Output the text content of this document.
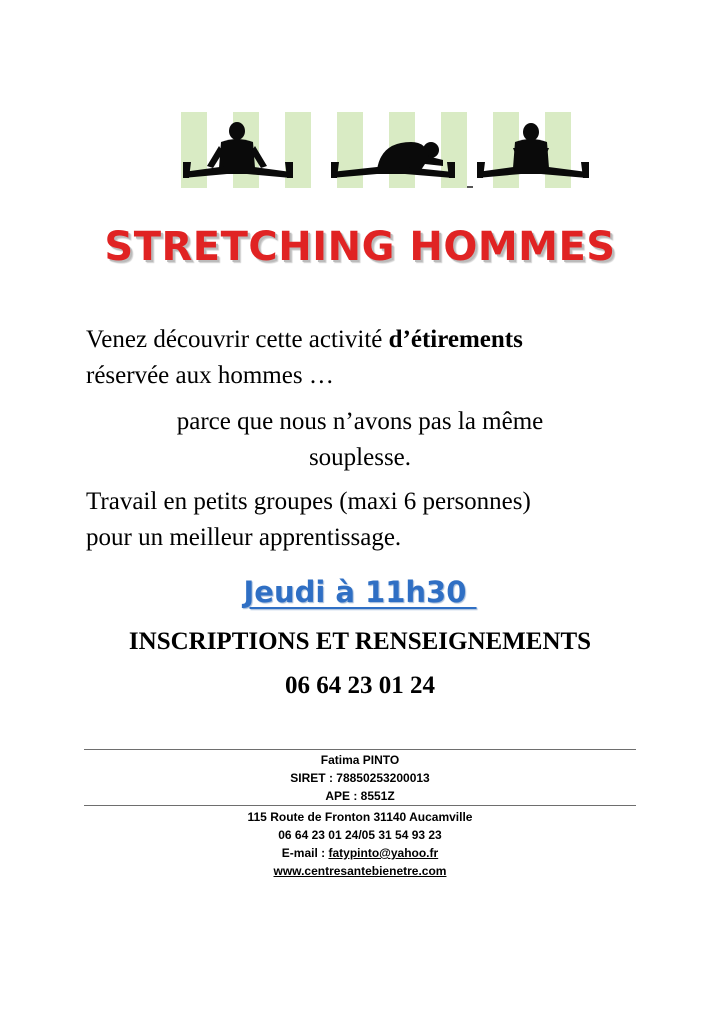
STRETCHING HOMMES

Venez découvrir cette activité d’étirements
réservée aux hommes …

parce que nous n’avons pas la même
souplesse.

Travail en petits groupes (maxi 6 personnes)
pour un meilleur apprentissage.

Jeudi à 11h30
INSCRIPTIONS ET RENSEIGNEMENTS
06 64 23 01 24
Fatima PINTO
SIRET : 78850253200013
APE : 8551Z
115 Route de Fronton 31140 Aucamville
06 64 23 01 24/05 31 54 93 23
E-mail : fatypinto@yahoo.fr
www.centresantebienetre.com
